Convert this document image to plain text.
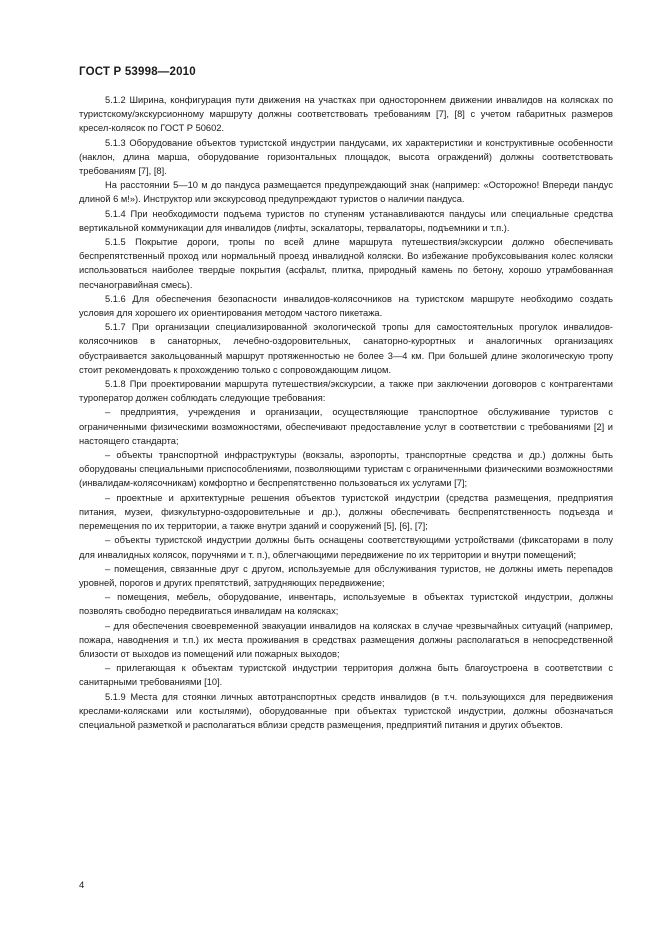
ГОСТ Р 53998—2010

5.1.2 Ширина, конфигурация пути движения на участках при одностороннем движении инвалидов на колясках по туристскому/экскурсионному маршруту должны соответствовать требованиям [7], [8] с учетом габаритных размеров кресел-колясок по ГОСТ Р 50602.

5.1.3 Оборудование объектов туристской индустрии пандусами, их характеристики и конструктивные особенности (наклон, длина марша, оборудование горизонтальных площадок, высота ограждений) должны соответствовать требованиям [7], [8].

На расстоянии 5—10 м до пандуса размещается предупреждающий знак (например: «Осторожно! Впереди пандус длиной 6 м!»). Инструктор или экскурсовод предупреждают туристов о наличии пандуса.

5.1.4 При необходимости подъема туристов по ступеням устанавливаются пандусы или специальные средства вертикальной коммуникации для инвалидов (лифты, эскалаторы, тервалаторы, подъемники и т.п.).

5.1.5 Покрытие дороги, тропы по всей длине маршрута путешествия/экскурсии должно обеспечивать беспрепятственный проход или нормальный проезд инвалидной коляски. Во избежание пробуксовывания колес коляски использоваться наиболее твердые покрытия (асфальт, плитка, природный камень по бетону, хорошо утрамбованная песчаногравийная смесь).

5.1.6 Для обеспечения безопасности инвалидов-колясочников на туристском маршруте необходимо создать условия для хорошего их ориентирования методом частого пикетажа.

5.1.7 При организации специализированной экологической тропы для самостоятельных прогулок инвалидов-колясочников в санаторных, лечебно-оздоровительных, санаторно-курортных и аналогичных организациях обустраивается закольцованный маршрут протяженностью не более 3—4 км. При большей длине экологическую тропу стоит рекомендовать к прохождению только с сопровождающим лицом.

5.1.8 При проектировании маршрута путешествия/экскурсии, а также при заключении договоров с контрагентами туроператор должен соблюдать следующие требования:

– предприятия, учреждения и организации, осуществляющие транспортное обслуживание туристов с ограниченными физическими возможностями, обеспечивают предоставление услуг в соответствии с требованиями [2] и настоящего стандарта;

– объекты транспортной инфраструктуры (вокзалы, аэропорты, транспортные средства и др.) должны быть оборудованы специальными приспособлениями, позволяющими туристам с ограниченными физическими возможностями (инвалидам-колясочникам) комфортно и беспрепятственно пользоваться их услугами [7];

– проектные и архитектурные решения объектов туристской индустрии (средства размещения, предприятия питания, музеи, физкультурно-оздоровительные и др.), должны обеспечивать беспрепятственность подъезда и перемещения по их территории, а также внутри зданий и сооружений [5], [6], [7];

– объекты туристской индустрии должны быть оснащены соответствующими устройствами (фиксаторами в полу для инвалидных колясок, поручнями и т. п.), облегчающими передвижение по их территории и внутри помещений;

– помещения, связанные друг с другом, используемые для обслуживания туристов, не должны иметь перепадов уровней, порогов и других препятствий, затрудняющих передвижение;

– помещения, мебель, оборудование, инвентарь, используемые в объектах туристской индустрии, должны позволять свободно передвигаться инвалидам на колясках;

– для обеспечения своевременной эвакуации инвалидов на колясках в случае чрезвычайных ситуаций (например, пожара, наводнения и т.п.) их места проживания в средствах размещения должны располагаться в непосредственной близости от выходов из помещений или пожарных выходов;

– прилегающая к объектам туристской индустрии территория должна быть благоустроена в соответствии с санитарными требованиями [10].

5.1.9 Места для стоянки личных автотранспортных средств инвалидов (в т.ч. пользующихся для передвижения креслами-колясками или костылями), оборудованные при объектах туристской индустрии, должны обозначаться специальной разметкой и располагаться вблизи средств размещения, предприятий питания и других объектов.

4
